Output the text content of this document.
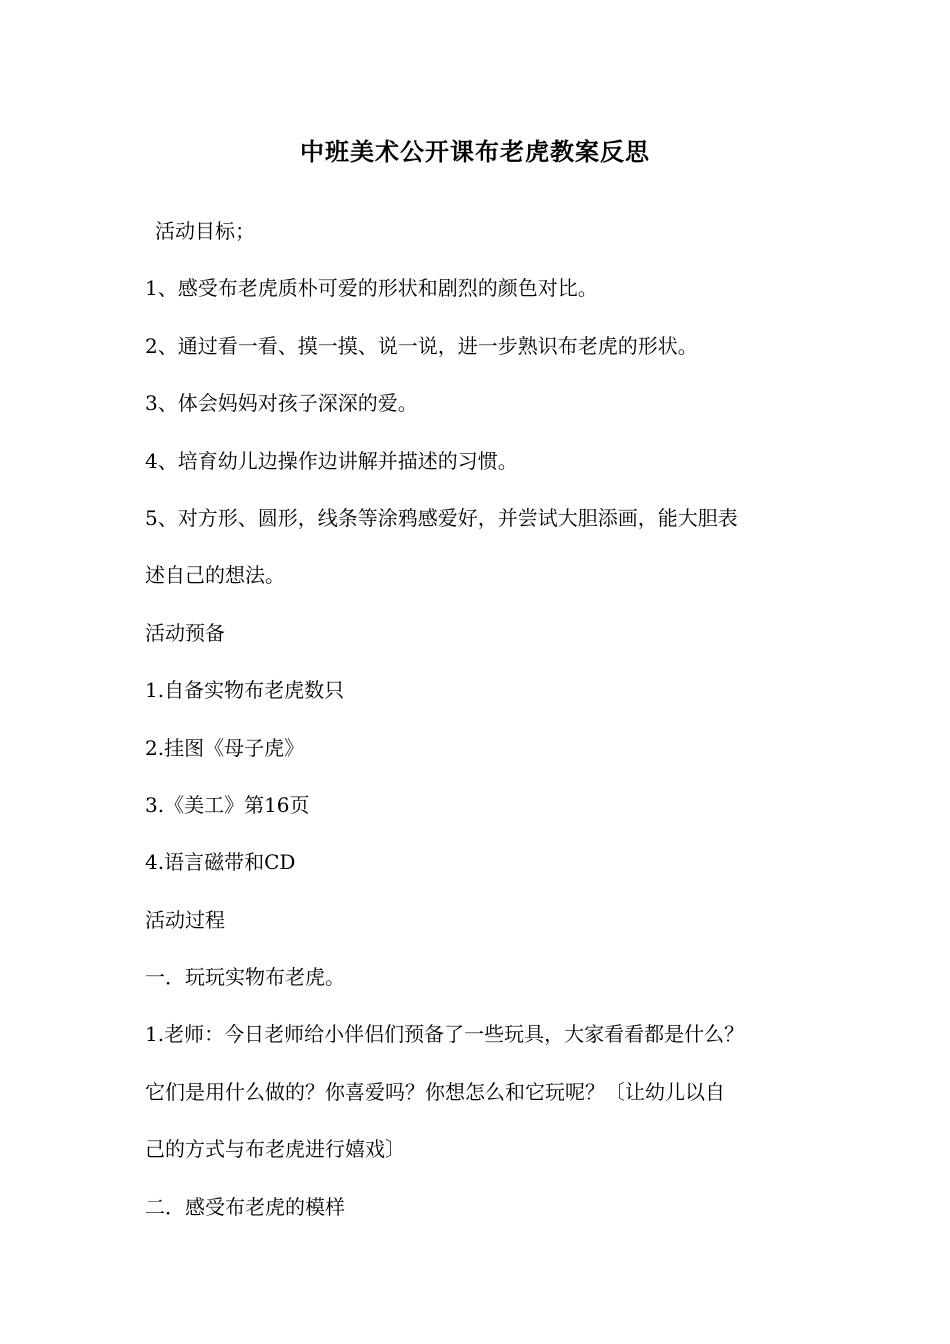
中班美术公开课布老虎教案反思
活动目标；
1、感受布老虎质朴可爱的形状和剧烈的颜色对比。
2、通过看一看、摸一摸、说一说，进一步熟识布老虎的形状。
3、体会妈妈对孩子深深的爱。
4、培育幼儿边操作边讲解并描述的习惯。
5、对方形、圆形，线条等涂鸦感爱好，并尝试大胆添画，能大胆表
述自己的想法。
活动预备
1.自备实物布老虎数只
2.挂图《母子虎》
3.《美工》第16页
4.语言磁带和CD
活动过程
一．玩玩实物布老虎。
1.老师：今日老师给小伴侣们预备了一些玩具，大家看看都是什么？
它们是用什么做的？你喜爱吗？你想怎么和它玩呢？〔让幼儿以自
己的方式与布老虎进行嬉戏〕
二．感受布老虎的模样
